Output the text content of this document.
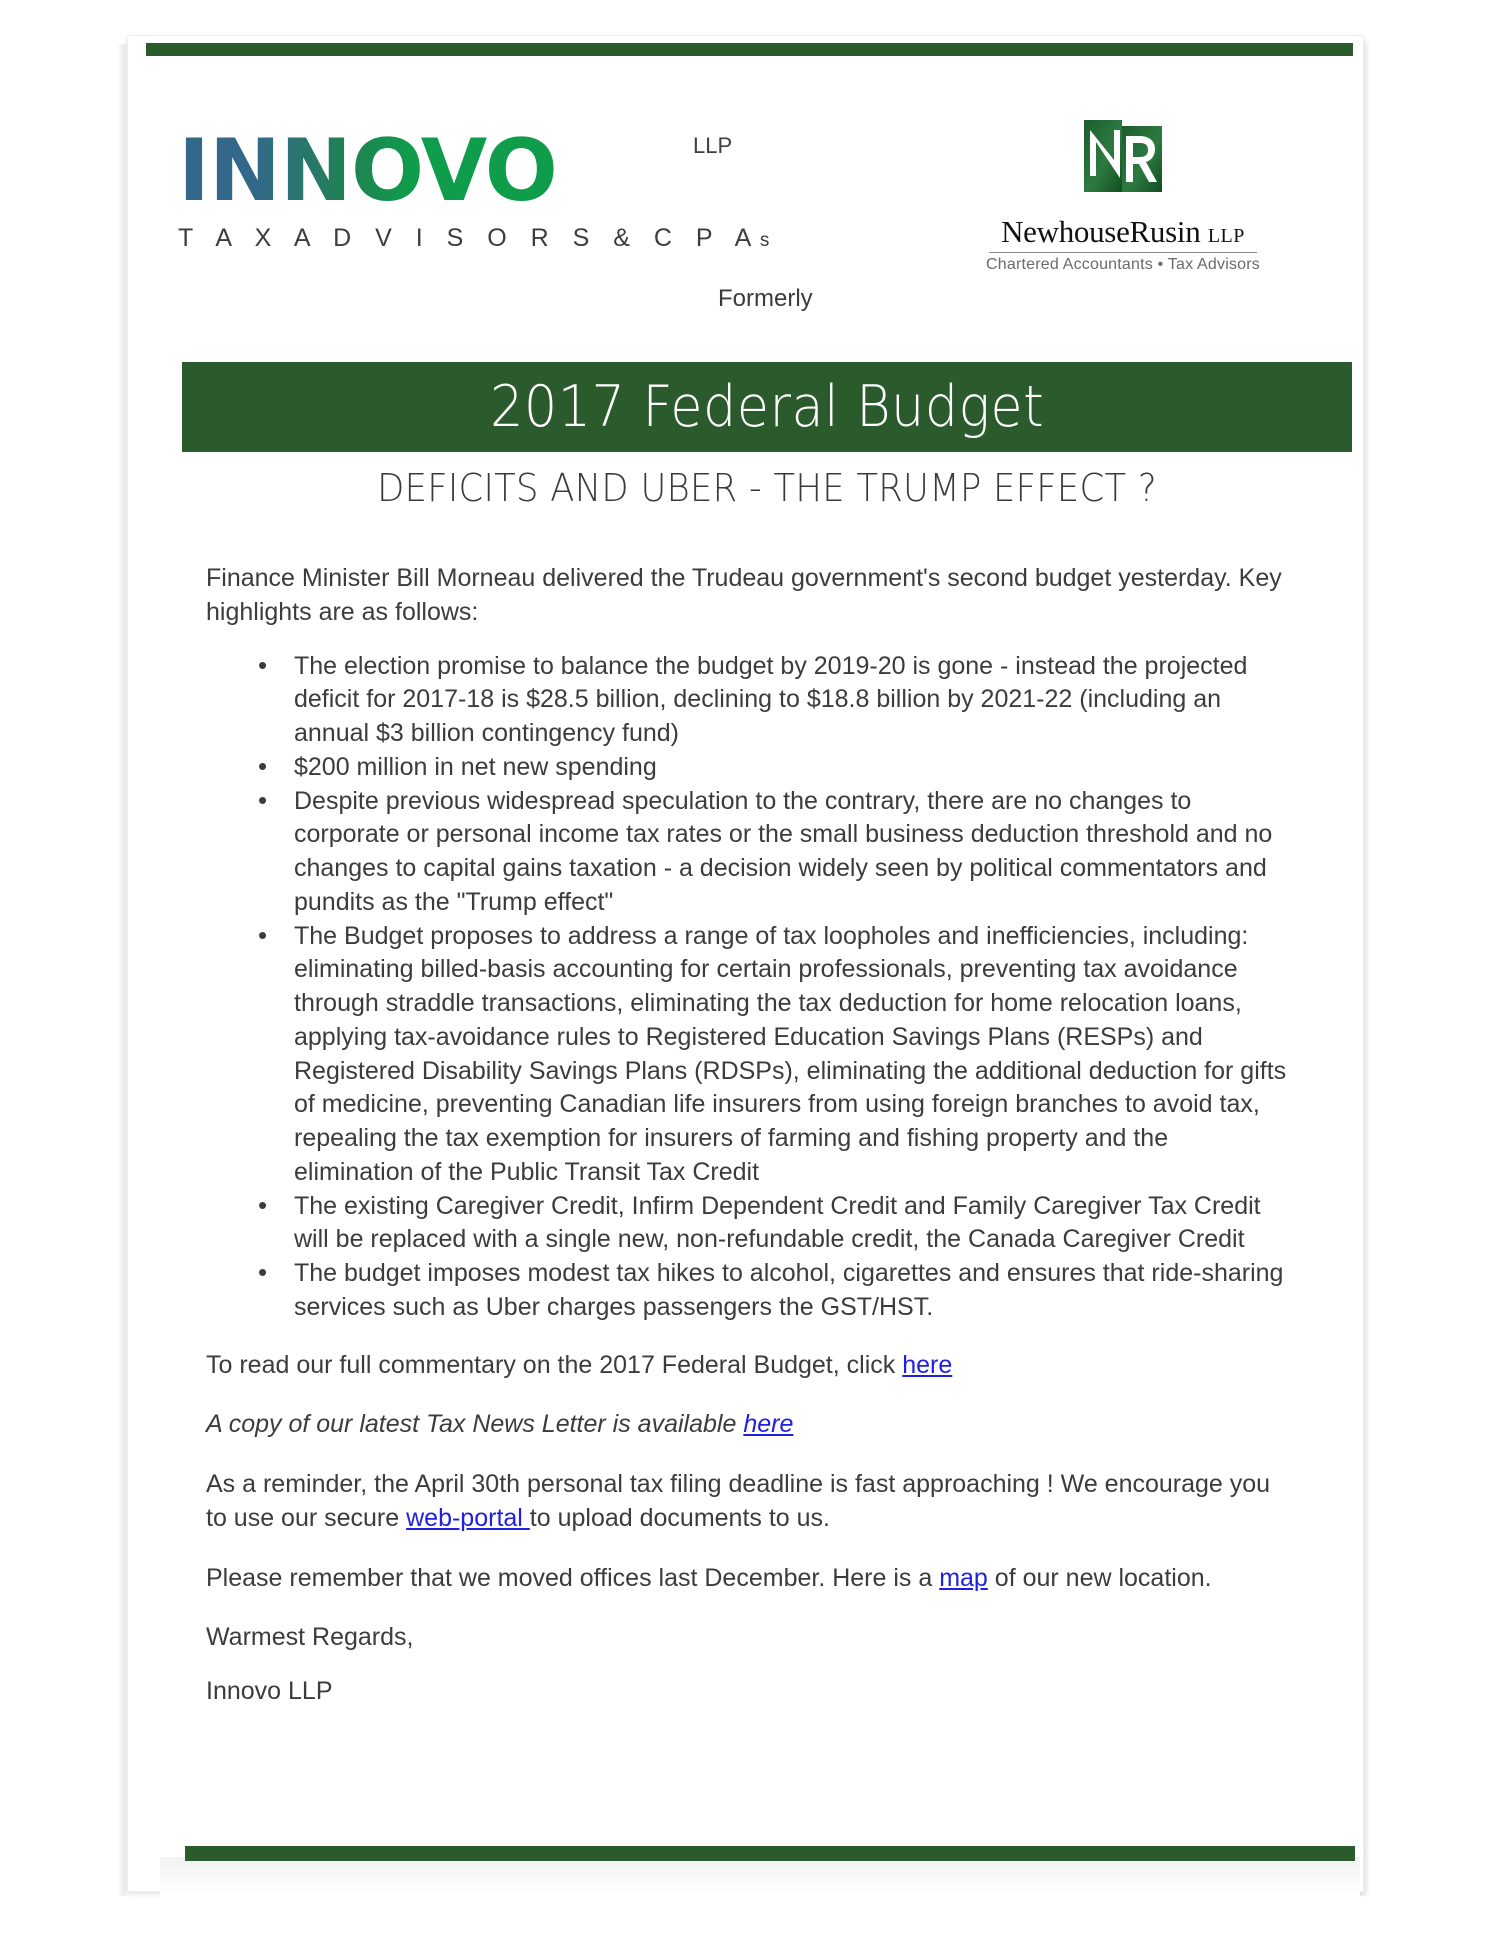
INNOVO	LLP
T A X A D V I S O R S & C P As	NewhouseRusin LLP
Chartered Accountants • Tax Advisors
Formerly
2017 Federal Budget
DEFICITS AND UBER - THE TRUMP EFFECT ?

Finance Minister Bill Morneau delivered the Trudeau government's second budget yesterday. Key highlights are as follows:

• The election promise to balance the budget by 2019-20 is gone - instead the projected deficit for 2017-18 is $28.5 billion, declining to $18.8 billion by 2021-22 (including an annual $3 billion contingency fund)
• $200 million in net new spending
• Despite previous widespread speculation to the contrary, there are no changes to corporate or personal income tax rates or the small business deduction threshold and no changes to capital gains taxation - a decision widely seen by political commentators and pundits as the "Trump effect"
• The Budget proposes to address a range of tax loopholes and inefficiencies, including: eliminating billed-basis accounting for certain professionals, preventing tax avoidance through straddle transactions, eliminating the tax deduction for home relocation loans, applying tax-avoidance rules to Registered Education Savings Plans (RESPs) and Registered Disability Savings Plans (RDSPs), eliminating the additional deduction for gifts of medicine, preventing Canadian life insurers from using foreign branches to avoid tax, repealing the tax exemption for insurers of farming and fishing property and the elimination of the Public Transit Tax Credit
• The existing Caregiver Credit, Infirm Dependent Credit and Family Caregiver Tax Credit will be replaced with a single new, non-refundable credit, the Canada Caregiver Credit
• The budget imposes modest tax hikes to alcohol, cigarettes and ensures that ride-sharing services such as Uber charges passengers the GST/HST.

To read our full commentary on the 2017 Federal Budget, click here

A copy of our latest Tax News Letter is available here

As a reminder, the April 30th personal tax filing deadline is fast approaching ! We encourage you to use our secure web-portal to upload documents to us.

Please remember that we moved offices last December. Here is a map of our new location.

Warmest Regards,

Innovo LLP
